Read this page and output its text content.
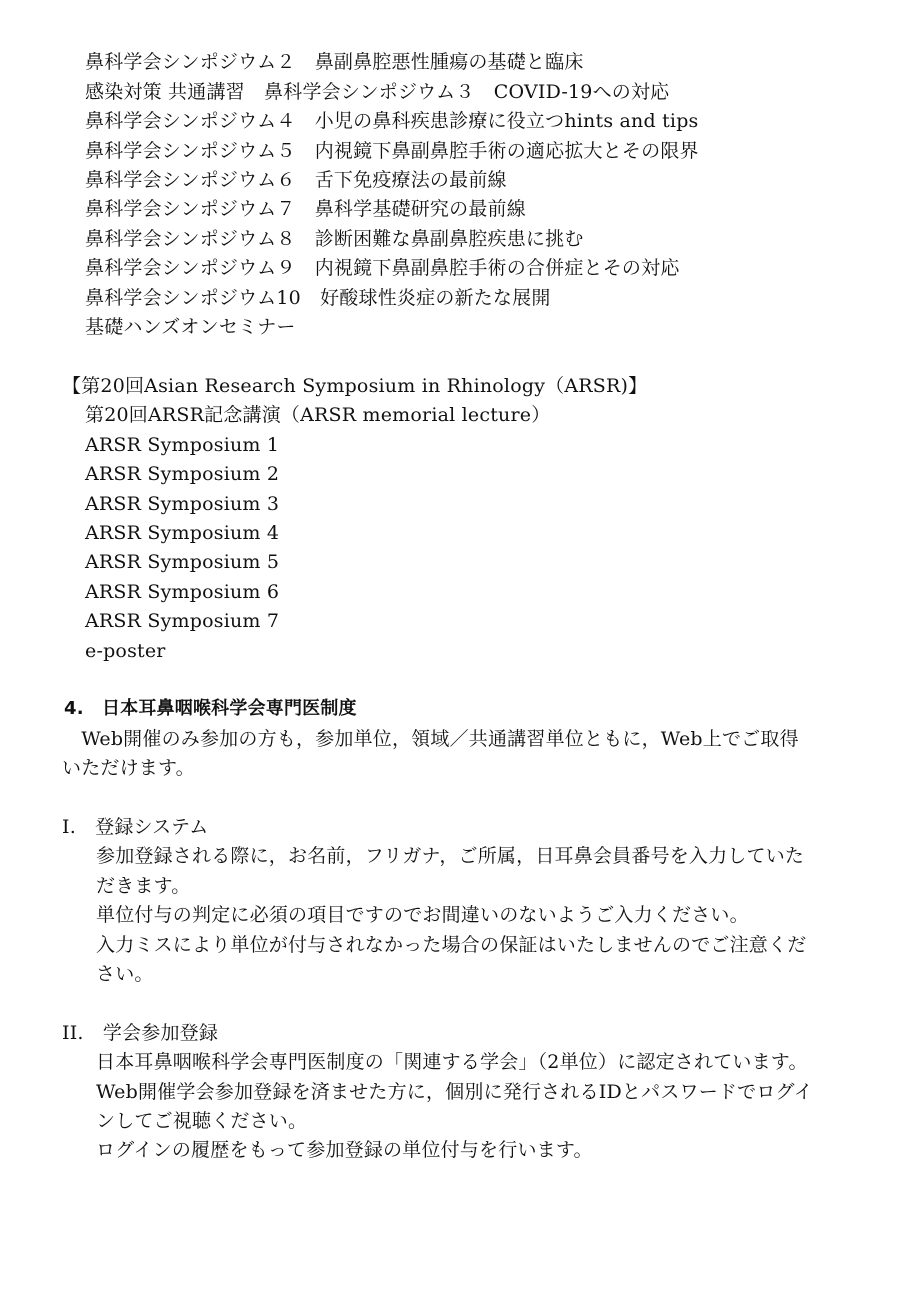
鼻科学会シンポジウム２　鼻副鼻腔悪性腫瘍の基礎と臨床
感染対策 共通講習　鼻科学会シンポジウム３　COVID-19への対応
鼻科学会シンポジウム４　小児の鼻科疾患診療に役立つhints and tips
鼻科学会シンポジウム５　内視鏡下鼻副鼻腔手術の適応拡大とその限界
鼻科学会シンポジウム６　舌下免疫療法の最前線
鼻科学会シンポジウム７　鼻科学基礎研究の最前線
鼻科学会シンポジウム８　診断困難な鼻副鼻腔疾患に挑む
鼻科学会シンポジウム９　内視鏡下鼻副鼻腔手術の合併症とその対応
鼻科学会シンポジウム10　好酸球性炎症の新たな展開
基礎ハンズオンセミナー
【第20回Asian Research Symposium in Rhinology（ARSR)】
第20回ARSR記念講演（ARSR memorial lecture）
ARSR Symposium 1
ARSR Symposium 2
ARSR Symposium 3
ARSR Symposium 4
ARSR Symposium 5
ARSR Symposium 6
ARSR Symposium 7
e-poster
4.　日本耳鼻咽喉科学会専門医制度
　Web開催のみ参加の方も，参加単位，領域／共通講習単位ともに，Web上でご取得
いただけます。
I.　登録システム
参加登録される際に，お名前，フリガナ，ご所属，日耳鼻会員番号を入力していた
だきます。
単位付与の判定に必須の項目ですのでお間違いのないようご入力ください。
入力ミスにより単位が付与されなかった場合の保証はいたしませんのでご注意くだ
さい。
II.　学会参加登録
日本耳鼻咽喉科学会専門医制度の「関連する学会」（2単位）に認定されています。
Web開催学会参加登録を済ませた方に，個別に発行されるIDとパスワードでログイ
ンしてご視聴ください。
ログインの履歴をもって参加登録の単位付与を行います。
